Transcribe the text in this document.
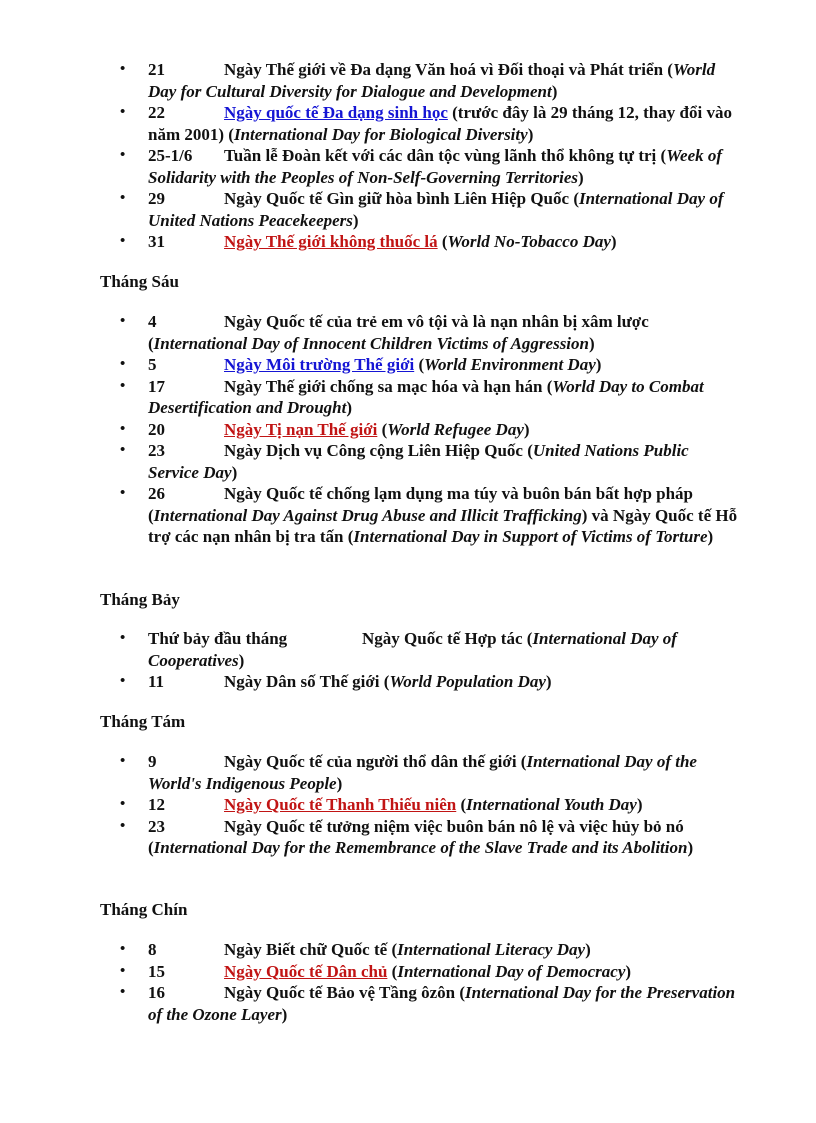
• 21	Ngày Thế giới về Đa dạng Văn hoá vì Đối thoại và Phát triển (World Day for Cultural Diversity for Dialogue and Development)
• 22	Ngày quốc tế Đa dạng sinh học (trước đây là 29 tháng 12, thay đổi vào năm 2001) (International Day for Biological Diversity)
• 25-1/6 Tuần lễ Đoàn kết với các dân tộc vùng lãnh thổ không tự trị (Week of Solidarity with the Peoples of Non-Self-Governing Territories)
• 29	Ngày Quốc tế Gìn giữ hòa bình Liên Hiệp Quốc (International Day of United Nations Peacekeepers)
• 31	Ngày Thế giới không thuốc lá (World No-Tobacco Day)
Tháng Sáu
• 4	Ngày Quốc tế của trẻ em vô tội và là nạn nhân bị xâm lược (International Day of Innocent Children Victims of Aggression)
• 5	Ngày Môi trường Thế giới (World Environment Day)
• 17	Ngày Thế giới chống sa mạc hóa và hạn hán (World Day to Combat Desertification and Drought)
• 20	Ngày Tị nạn Thế giới (World Refugee Day)
• 23	Ngày Dịch vụ Công cộng Liên Hiệp Quốc (United Nations Public Service Day)
• 26	Ngày Quốc tế chống lạm dụng ma túy và buôn bán bất hợp pháp (International Day Against Drug Abuse and Illicit Trafficking) và Ngày Quốc tế Hỗ trợ các nạn nhân bị tra tấn (International Day in Support of Victims of Torture)
Tháng Bảy
• Thứ bảy đầu tháng	Ngày Quốc tế Hợp tác (International Day of Cooperatives)
• 11	Ngày Dân số Thế giới (World Population Day)
Tháng Tám
• 9	Ngày Quốc tế của người thổ dân thế giới (International Day of the World's Indigenous People)
• 12	Ngày Quốc tế Thanh Thiếu niên (International Youth Day)
• 23	Ngày Quốc tế tưởng niệm việc buôn bán nô lệ và việc hủy bỏ nó (International Day for the Remembrance of the Slave Trade and its Abolition)
Tháng Chín
• 8	Ngày Biết chữ Quốc tế (International Literacy Day)
• 15	Ngày Quốc tế Dân chủ (International Day of Democracy)
• 16	Ngày Quốc tế Bảo vệ Tầng ôzôn (International Day for the Preservation of the Ozone Layer)
